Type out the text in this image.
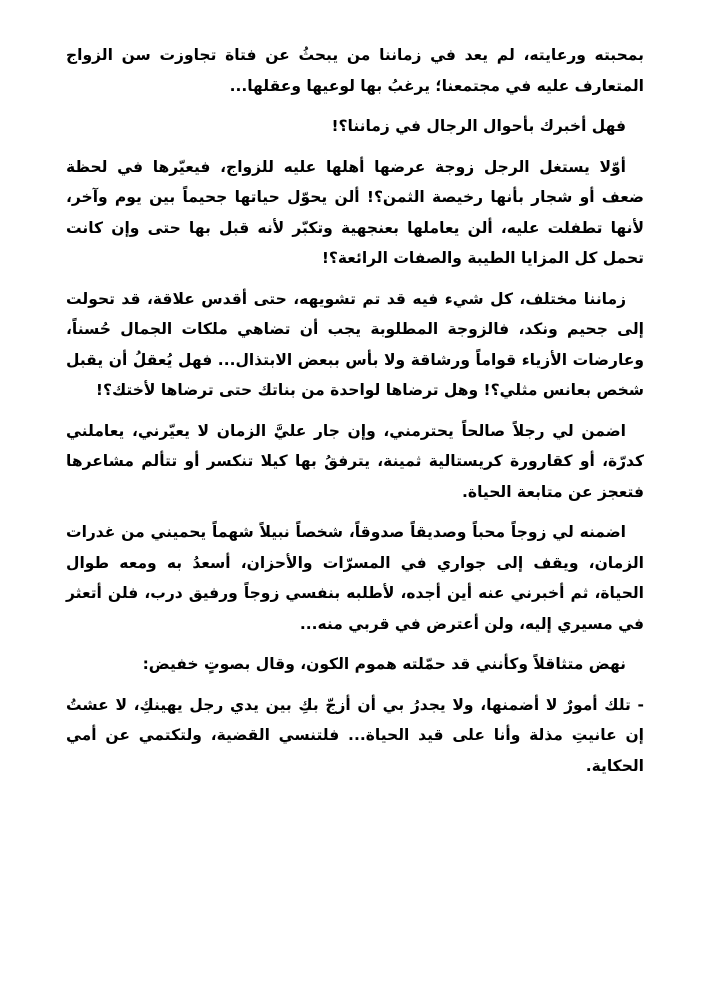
بمحبته ورعايته، لم يعد في زماننا من يبحثُ عن فتاة تجاوزت سن الزواج المتعارف عليه في مجتمعنا؛ يرغبُ بها لوعيها وعقلها...

فهل أخبرك بأحوال الرجال في زماننا؟!

أوّلا يستغل الرجل زوجة عرضها أهلها عليه للزواج، فيعيّرها في لحظة ضعف أو شجار بأنها رخيصة الثمن؟! ألن يحوّل حياتها جحيماً بين يوم وآخر، لأنها تطفلت عليه، ألن يعاملها بعنجهية وتكبّر لأنه قبل بها حتى وإن كانت تحمل كل المزايا الطيبة والصفات الرائعة؟!

زماننا مختلف، كل شيء فيه قد تم تشويهه، حتى أقدس علاقة، قد تحولت إلى جحيم ونكد، فالزوجة المطلوبة يجب أن تضاهي ملكات الجمال حُسناً، وعارضات الأزياء قواماً ورشاقة ولا بأس ببعض الابتذال... فهل يُعقلُ أن يقبل شخص بعانس مثلي؟! وهل ترضاها لواحدة من بناتك حتى ترضاها لأختك؟!

اضمن لي رجلاً صالحاً يحترمني، وإن جار عليَّ الزمان لا يعيّرني، يعاملني كدرّة، أو كقارورة كريستالية ثمينة، يترفقُ بها كيلا تنكسر أو تتألم مشاعرها فتعجز عن متابعة الحياة.

اضمنه لي زوجاً محباً وصديقاً صدوقاً، شخصاً نبيلاً شهماً يحميني من غدرات الزمان، ويقف إلى جواري في المسرّات والأحزان، أسعدُ به ومعه طوال الحياة، ثم أخبرني عنه أين أجده، لأطلبه بنفسي زوجاً ورفيق درب، فلن أتعثر في مسيري إليه، ولن أعترض في قربي منه...

نهض متثاقلاً وكأنني قد حمّلته هموم الكون، وقال بصوتٍ خفيض:

- تلك أمورٌ لا أضمنها، ولا يجدرُ بي أن أزجّ بكِ بين يدي رجل يهينكِ، لا عشتُ إن عانيتِ مذلة وأنا على قيد الحياة... فلتنسي القضية، ولتكتمي عن أمي الحكاية.
